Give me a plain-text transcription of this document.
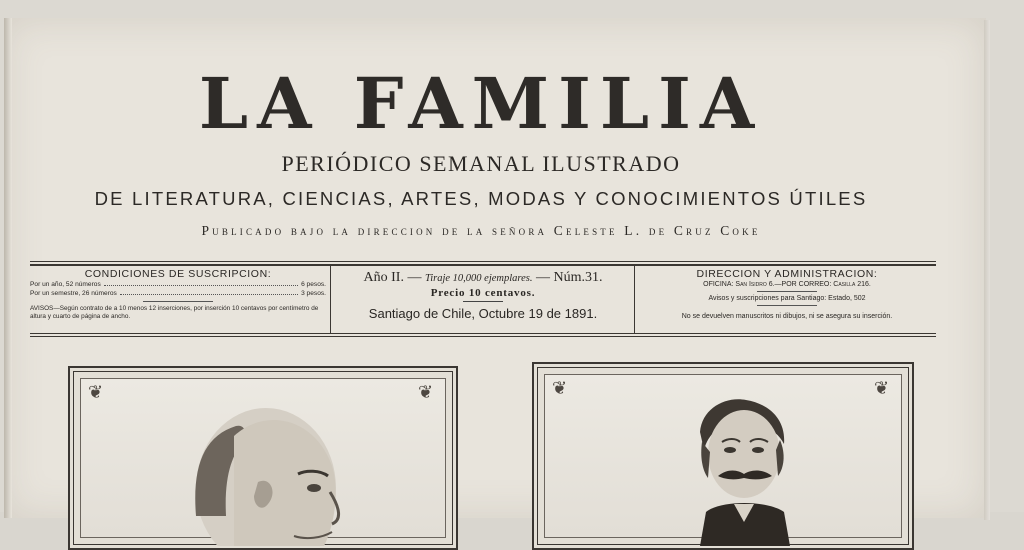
LA FAMILIA
PERIÓDICO SEMANAL ILUSTRADO
DE LITERATURA, CIENCIAS, ARTES, MODAS Y CONOCIMIENTOS ÚTILES
Publicado bajo la direccion de la señora Celeste L. de Cruz Coke
CONDICIONES DE SUSCRIPCION:
Por un año, 52 números	6 pesos.
Por un semestre, 26 números	3 pesos.
AVISOS—Según contrato de a 10 menos 12 inserciones, por inserción 10 centavos por centímetro de altura y cuarto de página de ancho.
Año II. — Tiraje 10,000 ejemplares. — Núm.31.
Precio 10 centavos.
Santiago de Chile, Octubre 19 de 1891.
DIRECCION Y ADMINISTRACION:
OFICINA: San Isidro 6.—POR CORREO: Casilla 216.
Avisos y suscripciones para Santiago: Estado, 502
No se devuelven manuscritos ni dibujos, ni se asegura su inserción.
❦	❦	❦	❦
